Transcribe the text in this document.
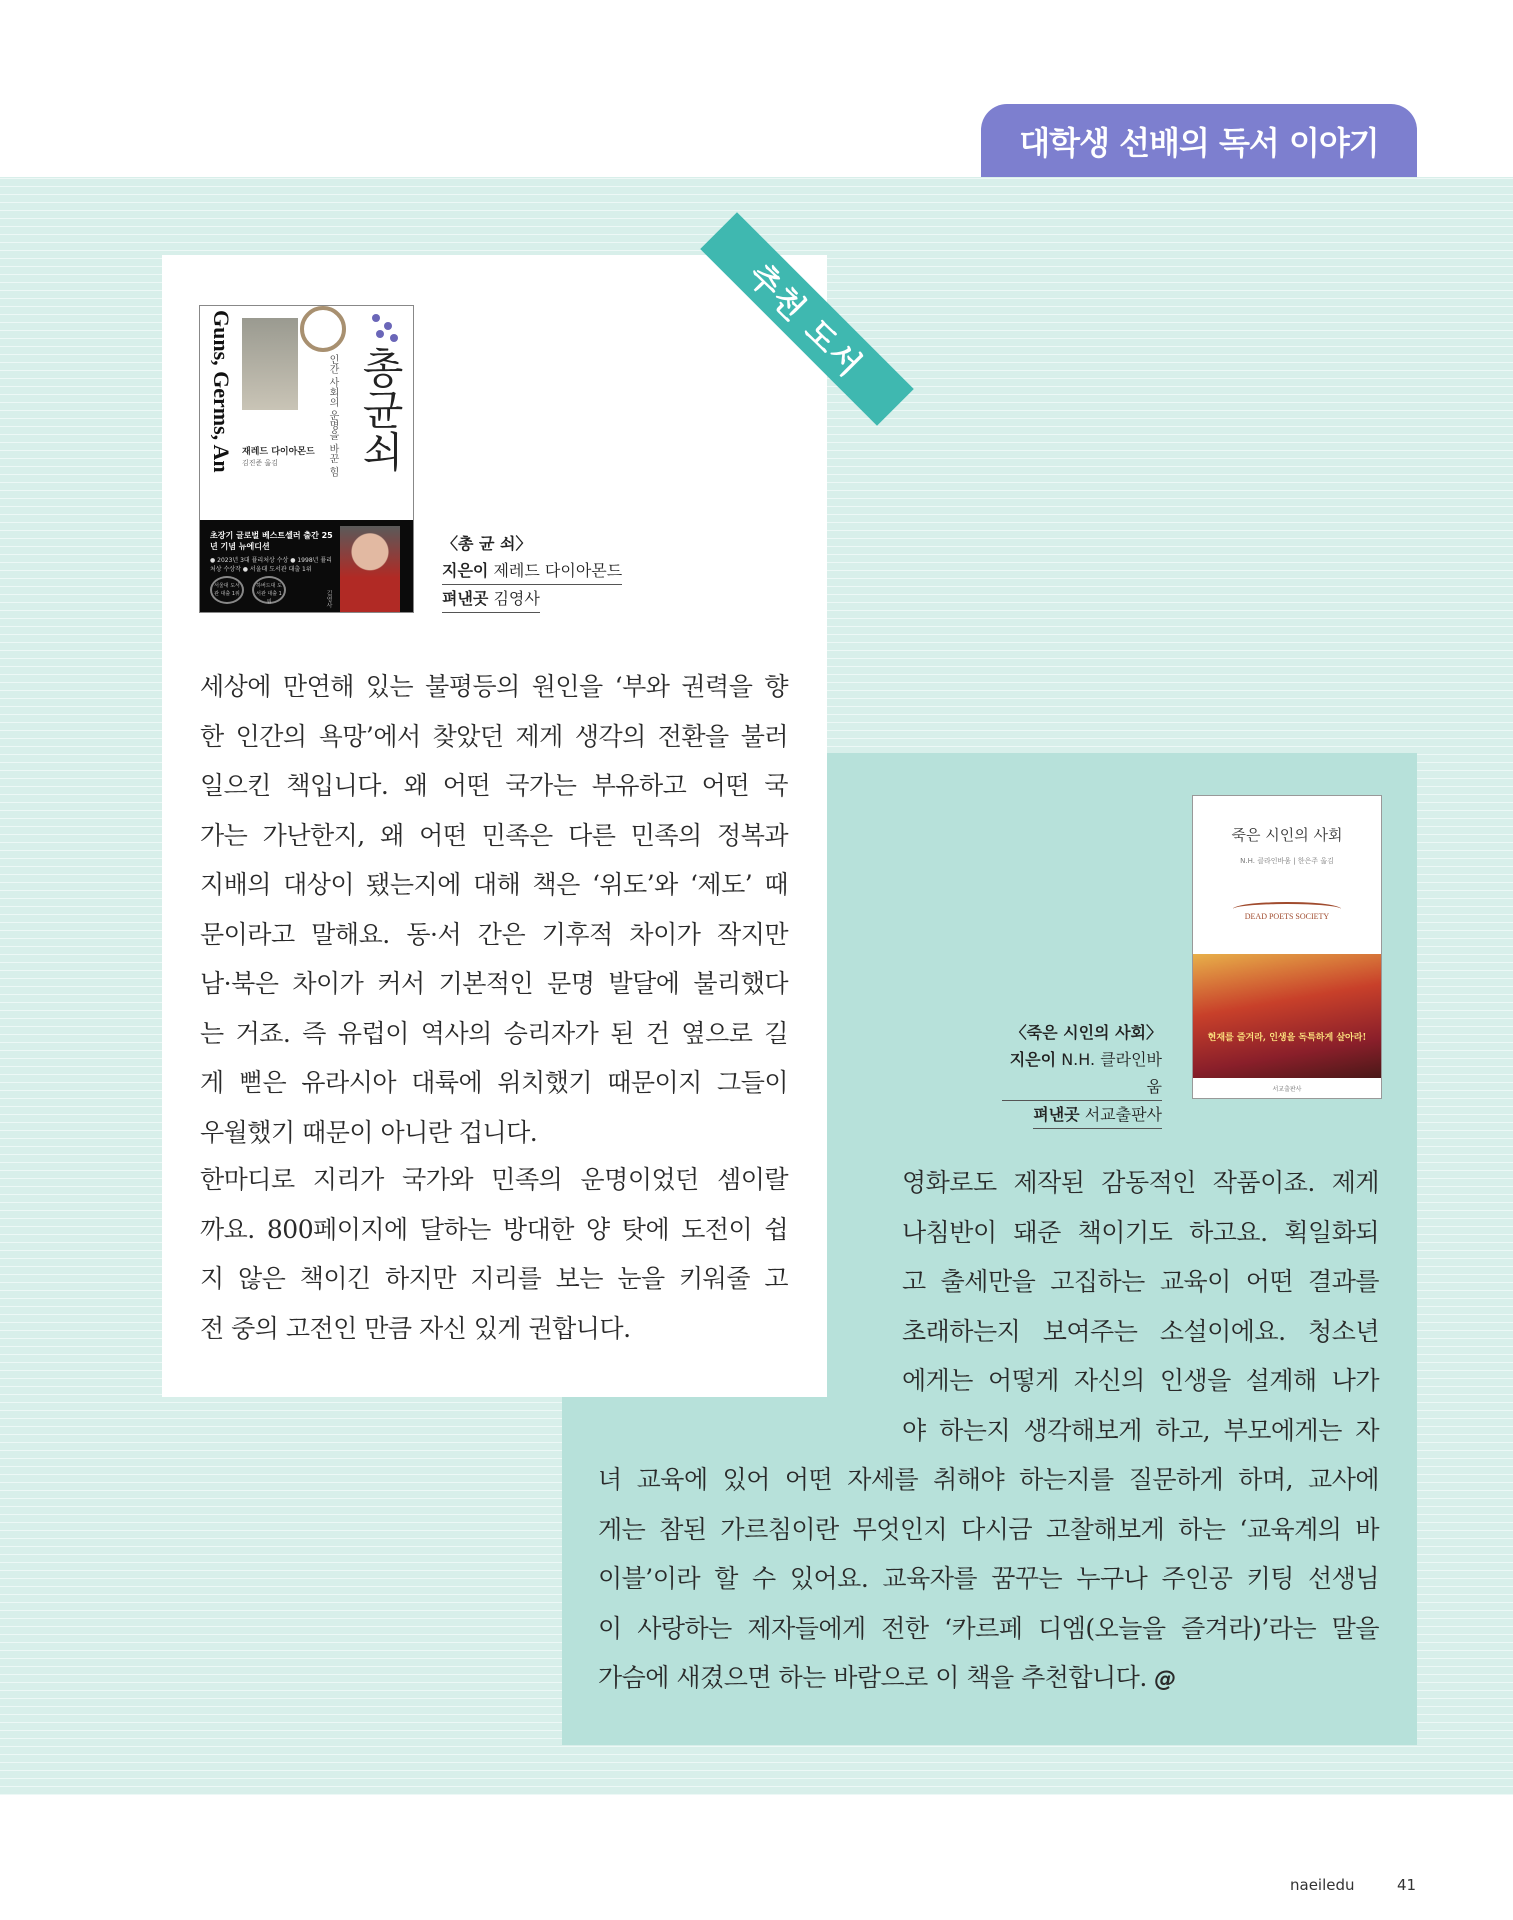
대학생 선배의 독서 이야기
추천 도서
Guns, Germs, An	인간 사회의 운명을 바꾼 힘 총균쇠
재레드 다이아몬드
김진준 옮김
초장기 글로벌 베스트셀러 출간 25년 기념 뉴에디션
● 2023년 3대 퓰리처상 수상 ● 1998년 퓰리처상 수상작 ● 서울대 도서관 대출 1위
서울대 도서관 대출 1위
하버드대 도서관 대출 1위	김영사
〈총 균 쇠〉
지은이 제레드 다이아몬드
펴낸곳 김영사
세상에 만연해 있는 불평등의 원인을 ‘부와 권력을 향
한 인간의 욕망’에서 찾았던 제게 생각의 전환을 불러
일으킨 책입니다. 왜 어떤 국가는 부유하고 어떤 국
가는 가난한지, 왜 어떤 민족은 다른 민족의 정복과
지배의 대상이 됐는지에 대해 책은 ‘위도’와 ‘제도’ 때
문이라고 말해요. 동·서 간은 기후적 차이가 작지만
남·북은 차이가 커서 기본적인 문명 발달에 불리했다
는 거죠. 즉 유럽이 역사의 승리자가 된 건 옆으로 길
게 뻗은 유라시아 대륙에 위치했기 때문이지 그들이
우월했기 때문이 아니란 겁니다.
한마디로 지리가 국가와 민족의 운명이었던 셈이랄
까요. 800페이지에 달하는 방대한 양 탓에 도전이 쉽
지 않은 책이긴 하지만 지리를 보는 눈을 키워줄 고
전 중의 고전인 만큼 자신 있게 권합니다.
죽은 시인의 사회
N.H. 클라인바움 | 한은주 옮김
DEAD POETS SOCIETY
현재를 즐겨라, 인생을 독특하게 살아라!
서교출판사
〈죽은 시인의 사회〉
지은이 N.H. 클라인바움
펴낸곳 서교출판사
영화로도 제작된 감동적인 작품이죠. 제게
나침반이 돼준 책이기도 하고요. 획일화되
고 출세만을 고집하는 교육이 어떤 결과를
초래하는지 보여주는 소설이에요. 청소년
에게는 어떻게 자신의 인생을 설계해 나가
야 하는지 생각해보게 하고, 부모에게는 자
녀 교육에 있어 어떤 자세를 취해야 하는지를 질문하게 하며, 교사에
게는 참된 가르침이란 무엇인지 다시금 고찰해보게 하는 ‘교육계의 바
이블’이라 할 수 있어요. 교육자를 꿈꾸는 누구나 주인공 키팅 선생님
이 사랑하는 제자들에게 전한 ‘카르페 디엠(오늘을 즐겨라)’라는 말을
가슴에 새겼으면 하는 바람으로 이 책을 추천합니다. @
naeiledu	41
